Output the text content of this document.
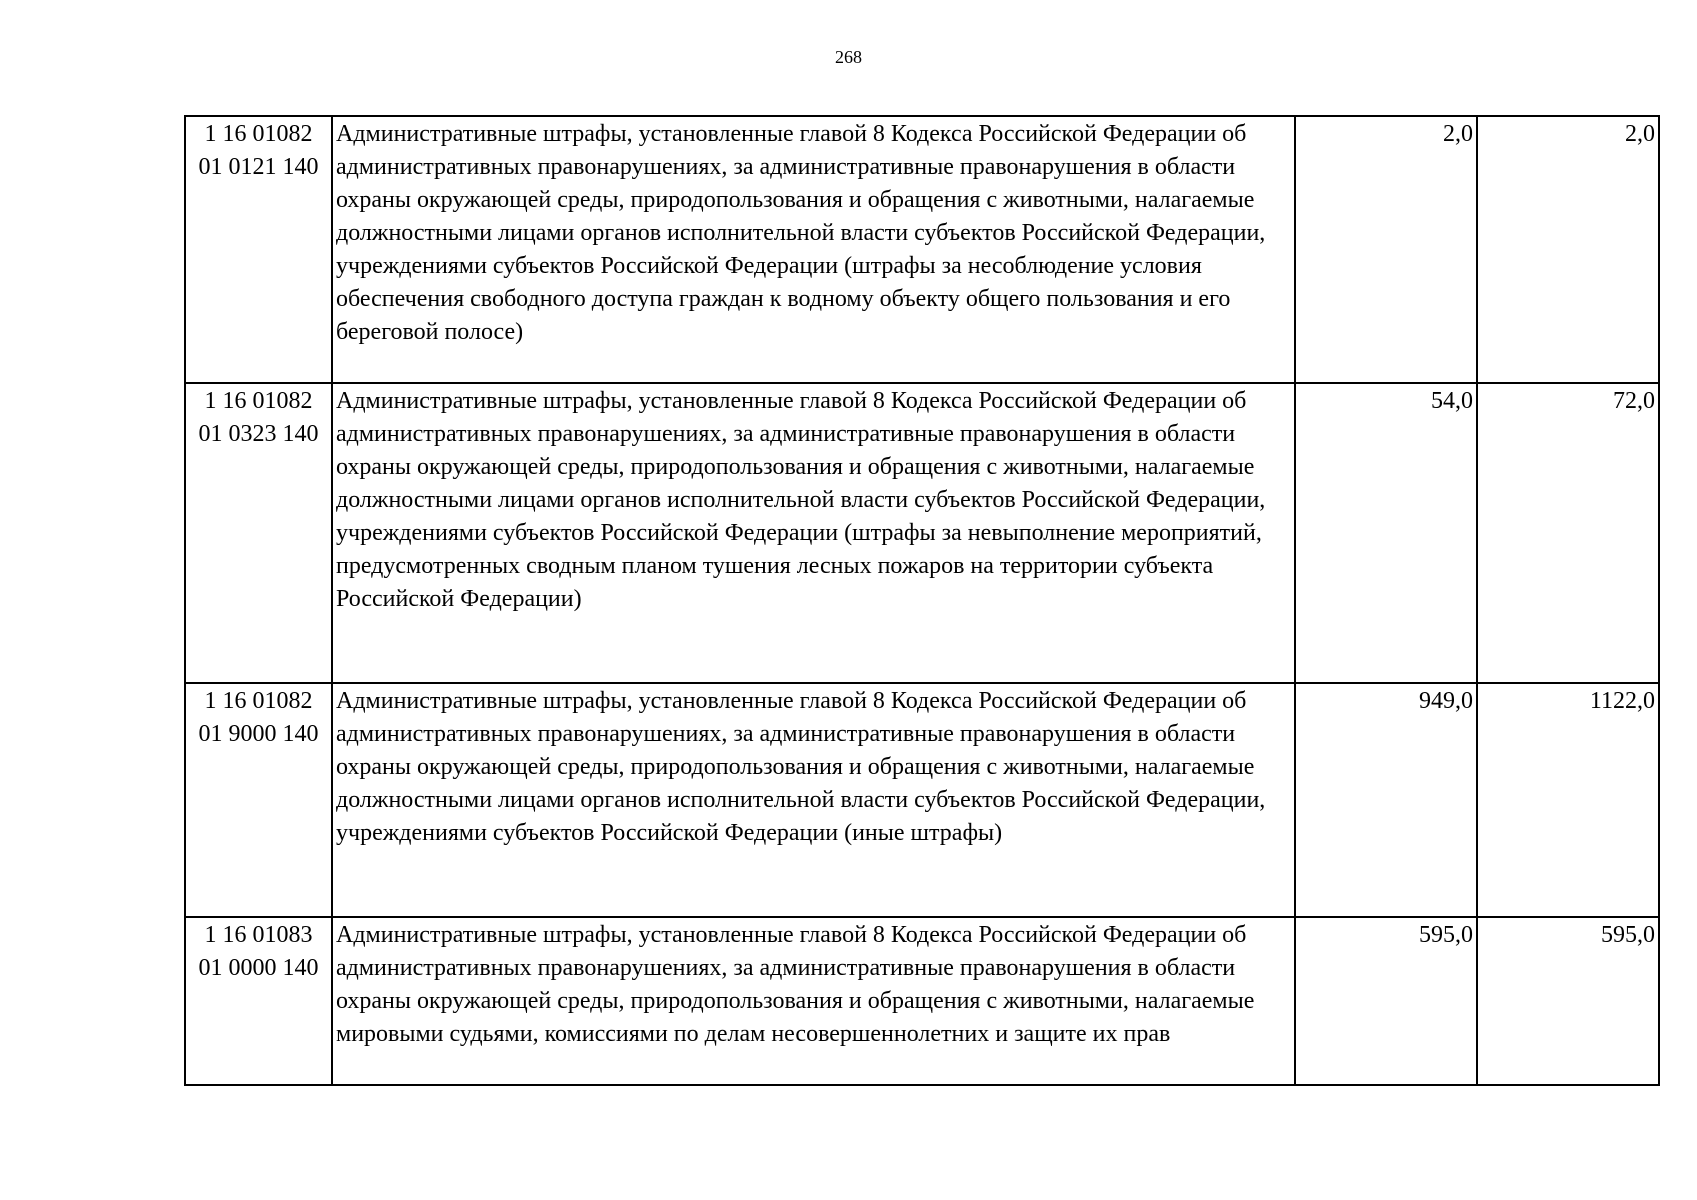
268
1 16 01082
01 0121 140	Административные штрафы, установленные главой 8 Кодекса Российской Федерации об административных правонарушениях, за административные правонарушения в области охраны окружающей среды, природопользования и обращения с животными, налагаемые должностными лицами органов исполнительной власти субъектов Российской Федерации, учреждениями субъектов Российской Федерации (штрафы за несоблюдение условия обеспечения свободного доступа граждан к водному объекту общего пользования и его береговой полосе)	2,0	2,0

1 16 01082
01 0323 140	Административные штрафы, установленные главой 8 Кодекса Российской Федерации об административных правонарушениях, за административные правонарушения в области охраны окружающей среды, природопользования и обращения с животными, налагаемые должностными лицами органов исполнительной власти субъектов Российской Федерации, учреждениями субъектов Российской Федерации (штрафы за невыполнение мероприятий, предусмотренных сводным планом тушения лесных пожаров на территории субъекта Российской Федерации)	54,0	72,0

1 16 01082
01 9000 140	Административные штрафы, установленные главой 8 Кодекса Российской Федерации об административных правонарушениях, за административные правонарушения в области охраны окружающей среды, природопользования и обращения с животными, налагаемые должностными лицами органов исполнительной власти субъектов Российской Федерации, учреждениями субъектов Российской Федерации (иные штрафы)	949,0	1122,0

1 16 01083
01 0000 140	Административные штрафы, установленные главой 8 Кодекса Российской Федерации об административных правонарушениях, за административные правонарушения в области охраны окружающей среды, природопользования и обращения с животными, налагаемые мировыми судьями, комиссиями по делам несовершеннолетних и защите их прав	595,0	595,0
